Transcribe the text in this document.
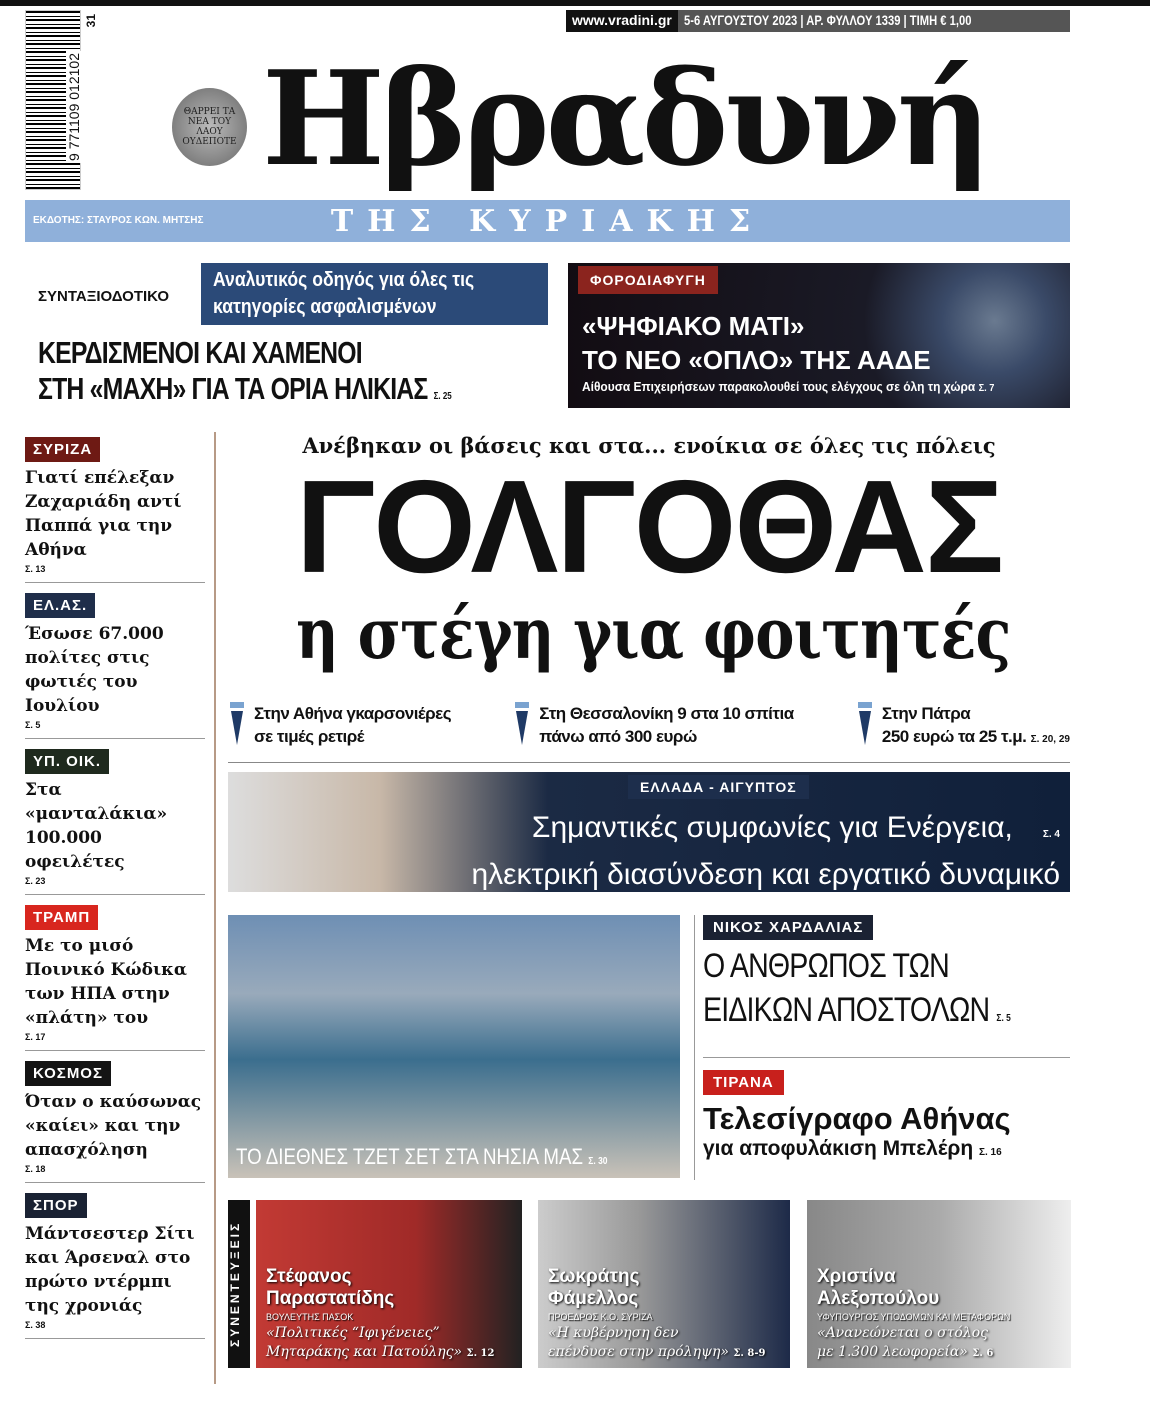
9 771109 012102
31	www.vradini.gr 5-6 ΑΥΓΟΥΣΤΟΥ 2023 | ΑΡ. ΦΥΛΛΟΥ 1339 | ΤΙΜΗ € 1,00
ΘΑΡΡΕΙ ΤΑ ΝΕΑ ΤΟΥ ΛΑΟΥ ΟΥΔΕΠΟΤΕ Ηβραδυνή
ΕΚΔΟΤΗΣ: ΣΤΑΥΡΟΣ ΚΩΝ. ΜΗΤΣΗΣ	ΤΗΣ ΚΥΡΙΑΚΗΣ
ΣΥΝΤΑΞΙΟΔΟΤΙΚΟ
Αναλυτικός οδηγός για όλες τις κατηγορίες ασφαλισμένων
ΚΕΡΔΙΣΜΕΝΟΙ ΚΑΙ ΧΑΜΕΝΟΙ
ΣΤΗ «ΜΑΧΗ» ΓΙΑ ΤΑ ΟΡΙΑ ΗΛΙΚΙΑΣ Σ. 25
ΦΟΡΟΔΙΑΦΥΓΗ
«ΨΗΦΙΑΚΟ ΜΑΤΙ»
ΤΟ ΝΕΟ «ΟΠΛΟ» ΤΗΣ ΑΑΔΕ
Αίθουσα Επιχειρήσεων παρακολουθεί τους ελέγχους σε όλη τη χώρα Σ. 7
ΣΥΡΙΖΑ
Γιατί επέλεξαν Ζαχαριάδη αντί Παππά για την Αθήνα
Σ. 13
ΕΛ.ΑΣ.
Έσωσε 67.000 πολίτες στις φωτιές του Ιουλίου
Σ. 5
ΥΠ. ΟΙΚ.
Στα «μανταλάκια» 100.000 οφειλέτες
Σ. 23
ΤΡΑΜΠ
Με το μισό Ποινικό Κώδικα των ΗΠΑ στην «πλάτη» του
Σ. 17
ΚΟΣΜΟΣ
Όταν ο καύσωνας «καίει» και την απασχόληση
Σ. 18
ΣΠΟΡ
Μάντσεστερ Σίτι και Άρσεναλ στο πρώτο ντέρμπι της χρονιάς
Σ. 38
Ανέβηκαν οι βάσεις και στα... ενοίκια σε όλες τις πόλεις
ΓΟΛΓΟΘΑΣ
η στέγη για φοιτητές
Στην Αθήνα γκαρσονιέρες
σε τιμές ρετιρέ
Στη Θεσσαλονίκη 9 στα 10 σπίτια
πάνω από 300 ευρώ
Στην Πάτρα
250 ευρώ τα 25 τ.μ. Σ. 20, 29
ΕΛΛΑΔΑ - ΑΙΓΥΠΤΟΣ
Σημαντικές συμφωνίες για Ενέργεια,	Σ. 4
ηλεκτρική διασύνδεση και εργατικό δυναμικό
ΤΟ ΔΙΕΘΝΕΣ ΤΖΕΤ ΣΕΤ ΣΤΑ ΝΗΣΙΑ ΜΑΣ Σ. 30
ΝΙΚΟΣ ΧΑΡΔΑΛΙΑΣ
Ο ΑΝΘΡΩΠΟΣ ΤΩΝ
ΕΙΔΙΚΩΝ ΑΠΟΣΤΟΛΩΝ Σ. 5
ΤΙΡΑΝΑ
Τελεσίγραφο Αθήνας
για αποφυλάκιση Μπελέρη Σ. 16
ΣΥΝΕΝΤΕΥΞΕΙΣ	Στέφανος
Παραστατίδης
ΒΟΥΛΕΥΤΗΣ ΠΑΣΟΚ
«Πολιτικές “Ιφιγένειες”
Μηταράκης και Πατούλης» Σ. 12
Σωκράτης
Φάμελλος
ΠΡΟΕΔΡΟΣ Κ.Ο. ΣΥΡΙΖΑ
«Η κυβέρνηση δεν
επένδυσε στην πρόληψη» Σ. 8-9
Χριστίνα
Αλεξοπούλου
ΥΦΥΠΟΥΡΓΟΣ ΥΠΟΔΟΜΩΝ ΚΑΙ ΜΕΤΑΦΟΡΩΝ
«Ανανεώνεται ο στόλος
με 1.300 λεωφορεία» Σ. 6
